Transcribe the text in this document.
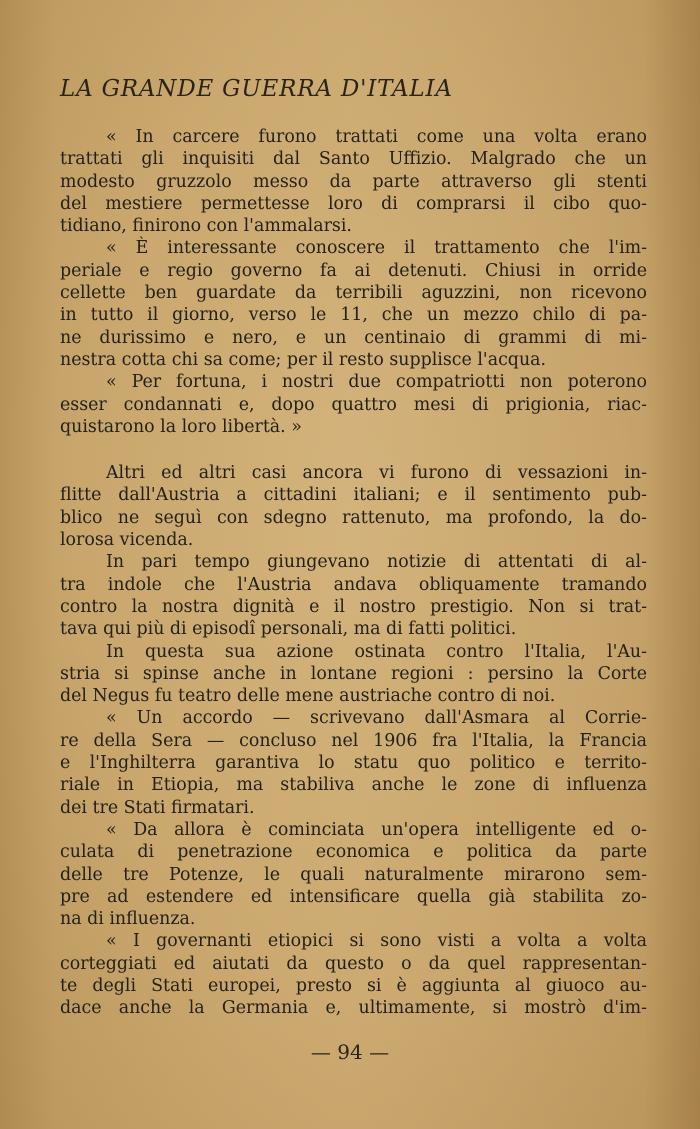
LA GRANDE GUERRA D'ITALIA
« In carcere furono trattati come una volta erano
trattati gli inquisiti dal Santo Uffizio. Malgrado che un
modesto gruzzolo messo da parte attraverso gli stenti
del mestiere permettesse loro di comprarsi il cibo quo-
tidiano, finirono con l'ammalarsi.
« È interessante conoscere il trattamento che l'im-
periale e regio governo fa ai detenuti. Chiusi in orride
cellette ben guardate da terribili aguzzini, non ricevono
in tutto il giorno, verso le 11, che un mezzo chilo di pa-
ne durissimo e nero, e un centinaio di grammi di mi-
nestra cotta chi sa come; per il resto supplisce l'acqua.
« Per fortuna, i nostri due compatriotti non poterono
esser condannati e, dopo quattro mesi di prigionia, riac-
quistarono la loro libertà. »
Altri ed altri casi ancora vi furono di vessazioni in-
flitte dall'Austria a cittadini italiani; e il sentimento pub-
blico ne seguì con sdegno rattenuto, ma profondo, la do-
lorosa vicenda.
In pari tempo giungevano notizie di attentati di al-
tra indole che l'Austria andava obliquamente tramando
contro la nostra dignità e il nostro prestigio. Non si trat-
tava qui più di episodî personali, ma di fatti politici.
In questa sua azione ostinata contro l'Italia, l'Au-
stria si spinse anche in lontane regioni : persino la Corte
del Negus fu teatro delle mene austriache contro di noi.
« Un accordo — scrivevano dall'Asmara al Corrie-
re della Sera — concluso nel 1906 fra l'Italia, la Francia
e l'Inghilterra garantiva lo statu quo politico e territo-
riale in Etiopia, ma stabiliva anche le zone di influenza
dei tre Stati firmatari.
« Da allora è cominciata un'opera intelligente ed o-
culata di penetrazione economica e politica da parte
delle tre Potenze, le quali naturalmente mirarono sem-
pre ad estendere ed intensificare quella già stabilita zo-
na di influenza.
« I governanti etiopici si sono visti a volta a volta
corteggiati ed aiutati da questo o da quel rappresentan-
te degli Stati europei, presto si è aggiunta al giuoco au-
dace anche la Germania e, ultimamente, si mostrò d'im-
— 94 —
